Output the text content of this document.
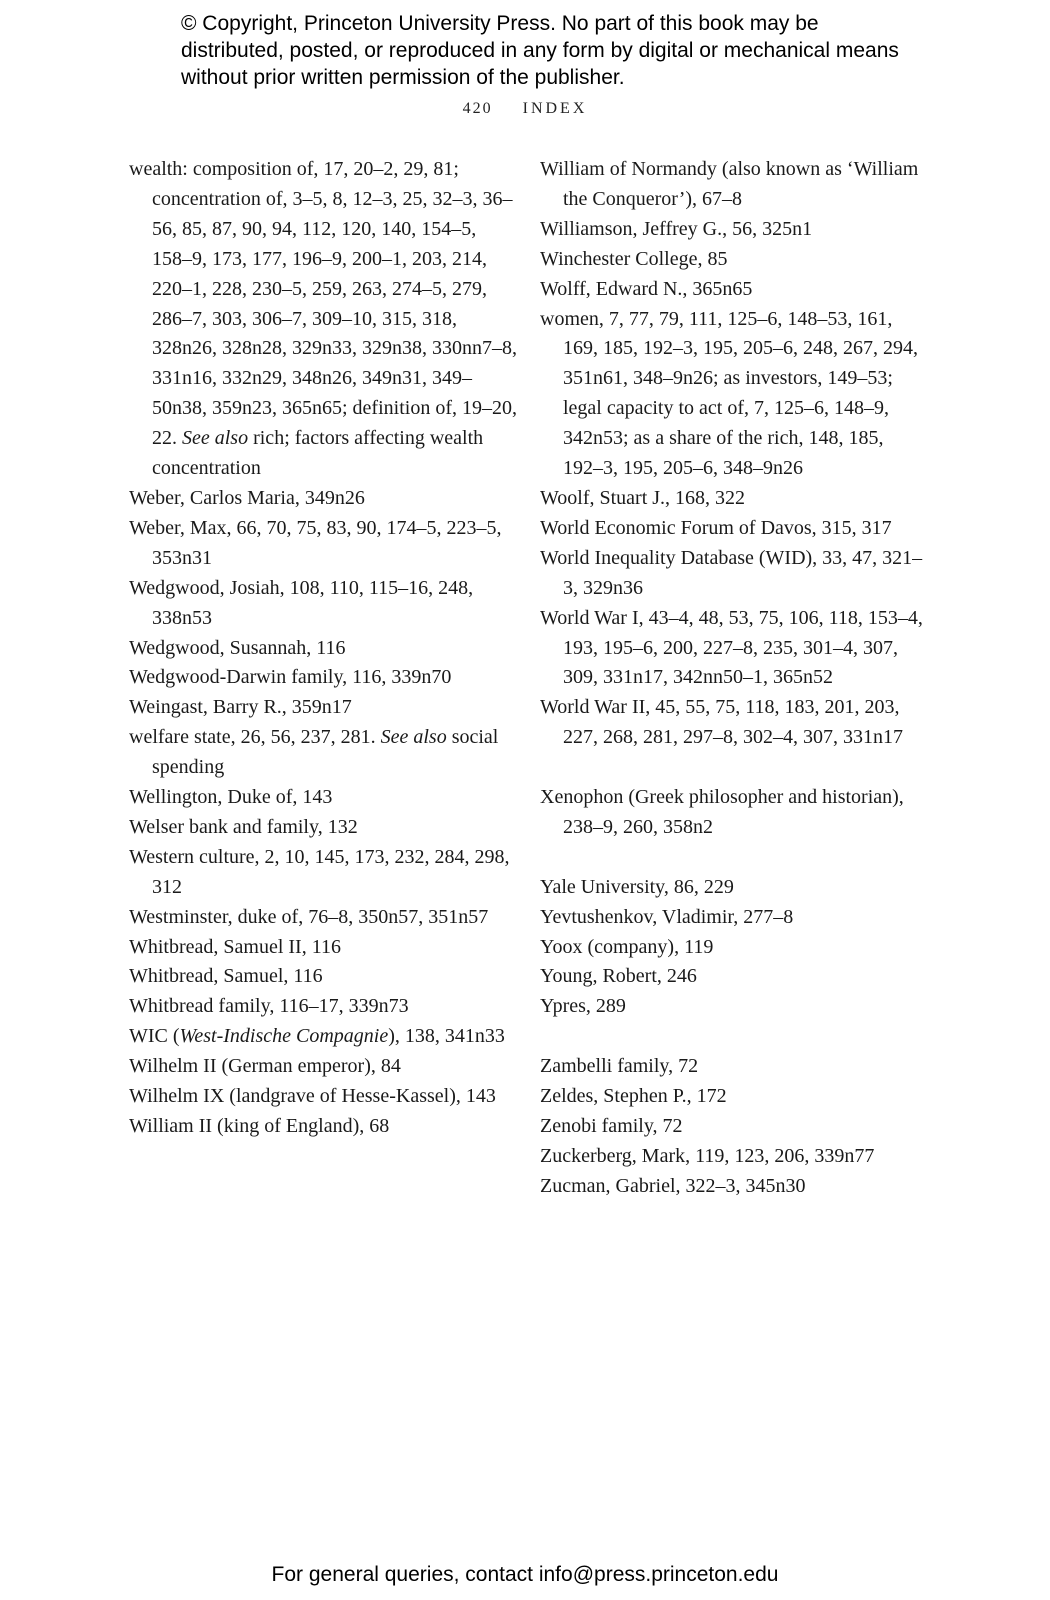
© Copyright, Princeton University Press. No part of this book may be distributed, posted, or reproduced in any form by digital or mechanical means without prior written permission of the publisher.
420 INDEX
wealth: composition of, 17, 20–2, 29, 81; concentration of, 3–5, 8, 12–3, 25, 32–3, 36–56, 85, 87, 90, 94, 112, 120, 140, 154–5, 158–9, 173, 177, 196–9, 200–1, 203, 214, 220–1, 228, 230–5, 259, 263, 274–5, 279, 286–7, 303, 306–7, 309–10, 315, 318, 328n26, 328n28, 329n33, 329n38, 330nn7–8, 331n16, 332n29, 348n26, 349n31, 349–50n38, 359n23, 365n65; definition of, 19–20, 22. See also rich; factors affecting wealth concentration
Weber, Carlos Maria, 349n26
Weber, Max, 66, 70, 75, 83, 90, 174–5, 223–5, 353n31
Wedgwood, Josiah, 108, 110, 115–16, 248, 338n53
Wedgwood, Susannah, 116
Wedgwood-Darwin family, 116, 339n70
Weingast, Barry R., 359n17
welfare state, 26, 56, 237, 281. See also social spending
Wellington, Duke of, 143
Welser bank and family, 132
Western culture, 2, 10, 145, 173, 232, 284, 298, 312
Westminster, duke of, 76–8, 350n57, 351n57
Whitbread, Samuel II, 116
Whitbread, Samuel, 116
Whitbread family, 116–17, 339n73
WIC (West-Indische Compagnie), 138, 341n33
Wilhelm II (German emperor), 84
Wilhelm IX (landgrave of Hesse-Kassel), 143
William II (king of England), 68
William of Normandy (also known as ‘William the Conqueror’), 67–8
Williamson, Jeffrey G., 56, 325n1
Winchester College, 85
Wolff, Edward N., 365n65
women, 7, 77, 79, 111, 125–6, 148–53, 161, 169, 185, 192–3, 195, 205–6, 248, 267, 294, 351n61, 348–9n26; as investors, 149–53; legal capacity to act of, 7, 125–6, 148–9, 342n53; as a share of the rich, 148, 185, 192–3, 195, 205–6, 348–9n26
Woolf, Stuart J., 168, 322
World Economic Forum of Davos, 315, 317
World Inequality Database (WID), 33, 47, 321–3, 329n36
World War I, 43–4, 48, 53, 75, 106, 118, 153–4, 193, 195–6, 200, 227–8, 235, 301–4, 307, 309, 331n17, 342nn50–1, 365n52
World War II, 45, 55, 75, 118, 183, 201, 203, 227, 268, 281, 297–8, 302–4, 307, 331n17
Xenophon (Greek philosopher and historian), 238–9, 260, 358n2
Yale University, 86, 229
Yevtushenkov, Vladimir, 277–8
Yoox (company), 119
Young, Robert, 246
Ypres, 289
Zambelli family, 72
Zeldes, Stephen P., 172
Zenobi family, 72
Zuckerberg, Mark, 119, 123, 206, 339n77
Zucman, Gabriel, 322–3, 345n30
For general queries, contact info@press.princeton.edu
